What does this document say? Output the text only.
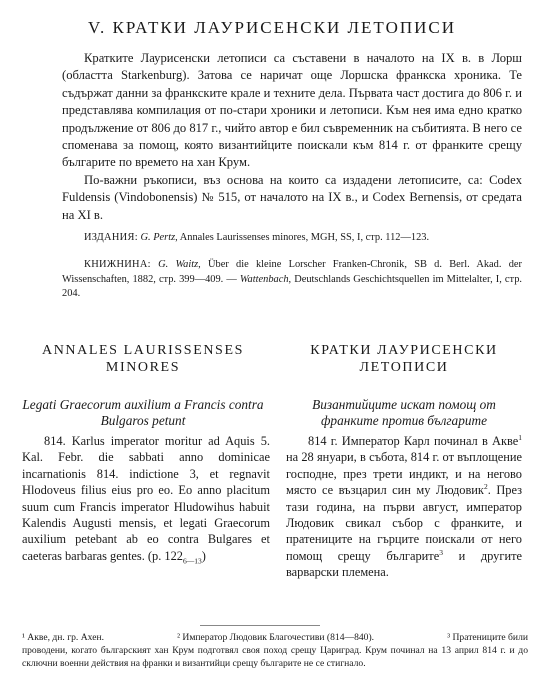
V. КРАТКИ ЛАУРИСЕНСКИ ЛЕТОПИСИ

Кратките Лаурисенски летописи са съставени в началото на IX в. в Лорш (областта Starkenburg). Затова се наричат още Лоршска франкска хроника. Те съдържат данни за франкските крале и техните дела. Първата част достига до 806 г. и представлява компилация от по-стари хроники и летописи. Към нея има едно кратко продължение от 806 до 817 г., чийто автор е бил съвременник на събитията. В него се споменава за помощ, която византийците поискали към 814 г. от франките срещу българите по времето на хан Крум.

По-важни ръкописи, въз основа на които са издадени летописите, са: Codex Fuldensis (Vindobonensis) № 515, от началото на IX в., и Codex Bernensis, от средата на XI в.

ИЗДАНИЯ: G. Pertz, Annales Laurissenses minores, MGH, SS, I, стр. 112—123.

КНИЖНИНА: G. Waitz, Über die kleine Lorscher Franken-Chronik, SB d. Berl. Akad. der Wissenschaften, 1882, стр. 399—409. — Wattenbach, Deutschlands Geschichtsquellen im Mittelalter, I, стр. 204.

ANNALES LAURISSENSES MINORES
Legati Graecorum auxilium a Francis contra Bulgaros petunt

814. Karlus imperator moritur ad Aquis 5. Kal. Febr. die sabbati anno dominicae incarnationis 814. indictione 3, et regnavit Hlodoveus filius eius pro eo. Eo anno placitum suum cum Francis imperator Hludowihus habuit Kalendis Augusti mensis, et legati Graecorum auxilium petebant ab eo contra Bulgares et caeteras barbaras gentes. (p. $122_{6—13}$)

КРАТКИ ЛАУРИСЕНСКИ ЛЕТОПИСИ
Византийците искат помощ от франките против българите

814 г. Император Карл починал в Акве$^1$ на 28 януари, в събота, 814 г. от въплощение господне, през трети индикт, и на негово място се възцарил син му Людовик$^2$. През тази година, на първи август, император Людовик свикал събор с франките, и пратениците на гърците поискали от него помощ срещу българите$^3$ и другите варварски племена.

¹ Акве, дн. гр. Ахен.	² Император Людовик Благочестиви (814—840).	³ Пратениците били
проводени, когато българският хан Крум подготвял своя поход срещу Цариград. Крум починал на 13 април 814 г. и до сключни военни действия на франки и византийци срещу българите не се стигнало.
